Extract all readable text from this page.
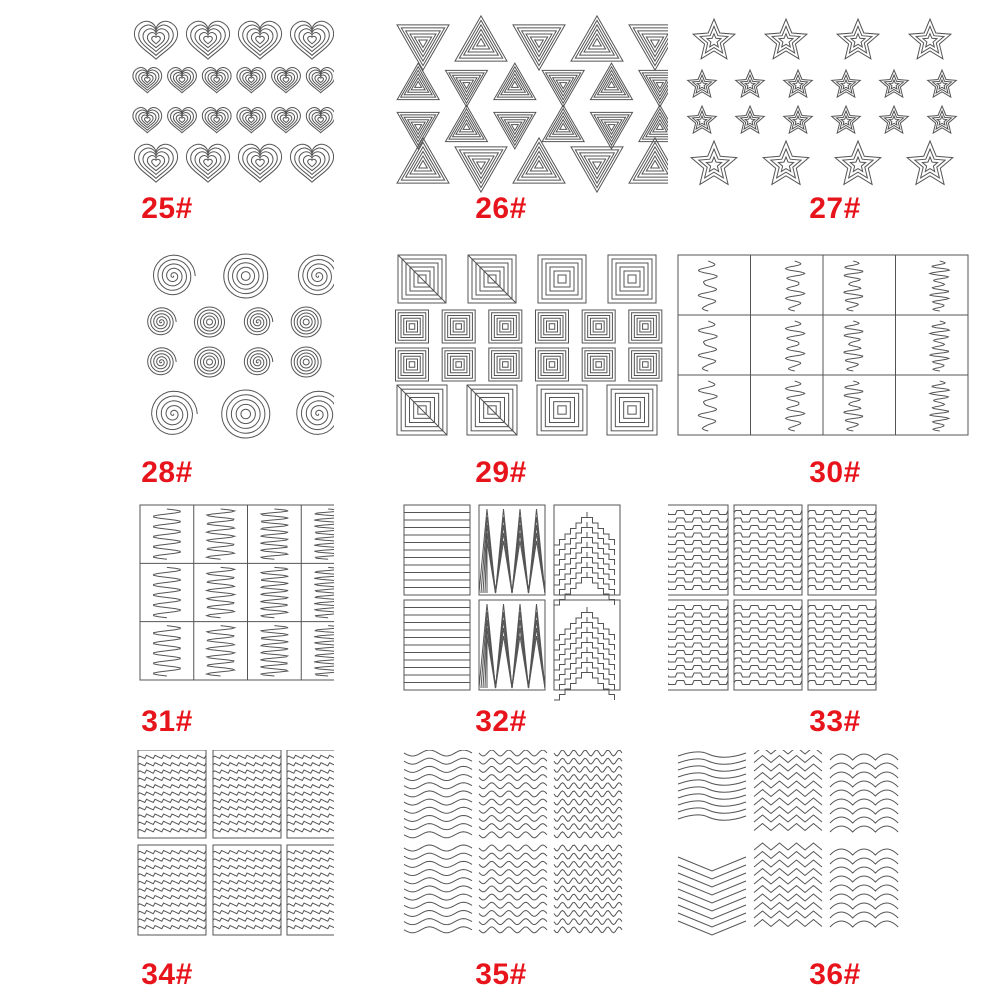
25#	26#	27#
28#	29#	30#
31#	32#	33#
34#	35#	36#
